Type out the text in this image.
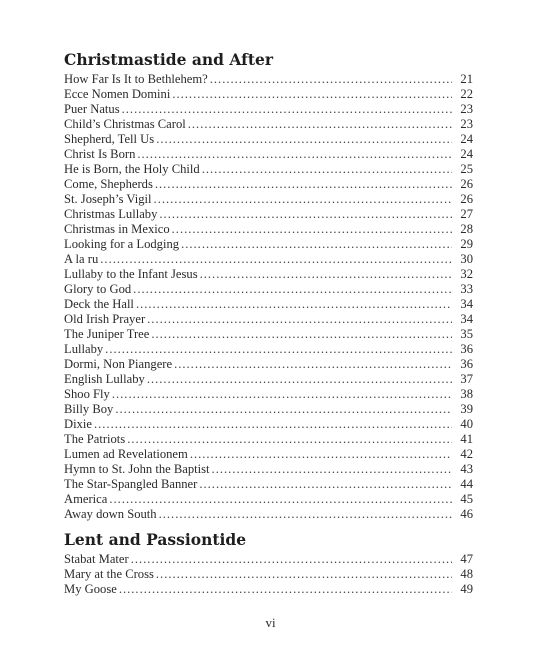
Christmastide and After
How Far Is It to Bethlehem? .....	21
Ecce Nomen Domini .....	22
Puer Natus .....	23
Child’s Christmas Carol .....	23
Shepherd, Tell Us .....	24
Christ Is Born .....	24
He is Born, the Holy Child .....	25
Come, Shepherds .....	26
St. Joseph’s Vigil .....	26
Christmas Lullaby .....	27
Christmas in Mexico .....	28
Looking for a Lodging .....	29
A la ru .....	30
Lullaby to the Infant Jesus .....	32
Glory to God .....	33
Deck the Hall .....	34
Old Irish Prayer .....	34
The Juniper Tree .....	35
Lullaby .....	36
Dormi, Non Piangere .....	36
English Lullaby .....	37
Shoo Fly .....	38
Billy Boy .....	39
Dixie .....	40
The Patriots .....	41
Lumen ad Revelationem .....	42
Hymn to St. John the Baptist .....	43
The Star-Spangled Banner .....	44
America .....	45
Away down South .....	46
Lent and Passiontide
Stabat Mater .....	47
Mary at the Cross .....	48
My Goose .....	49
vi
